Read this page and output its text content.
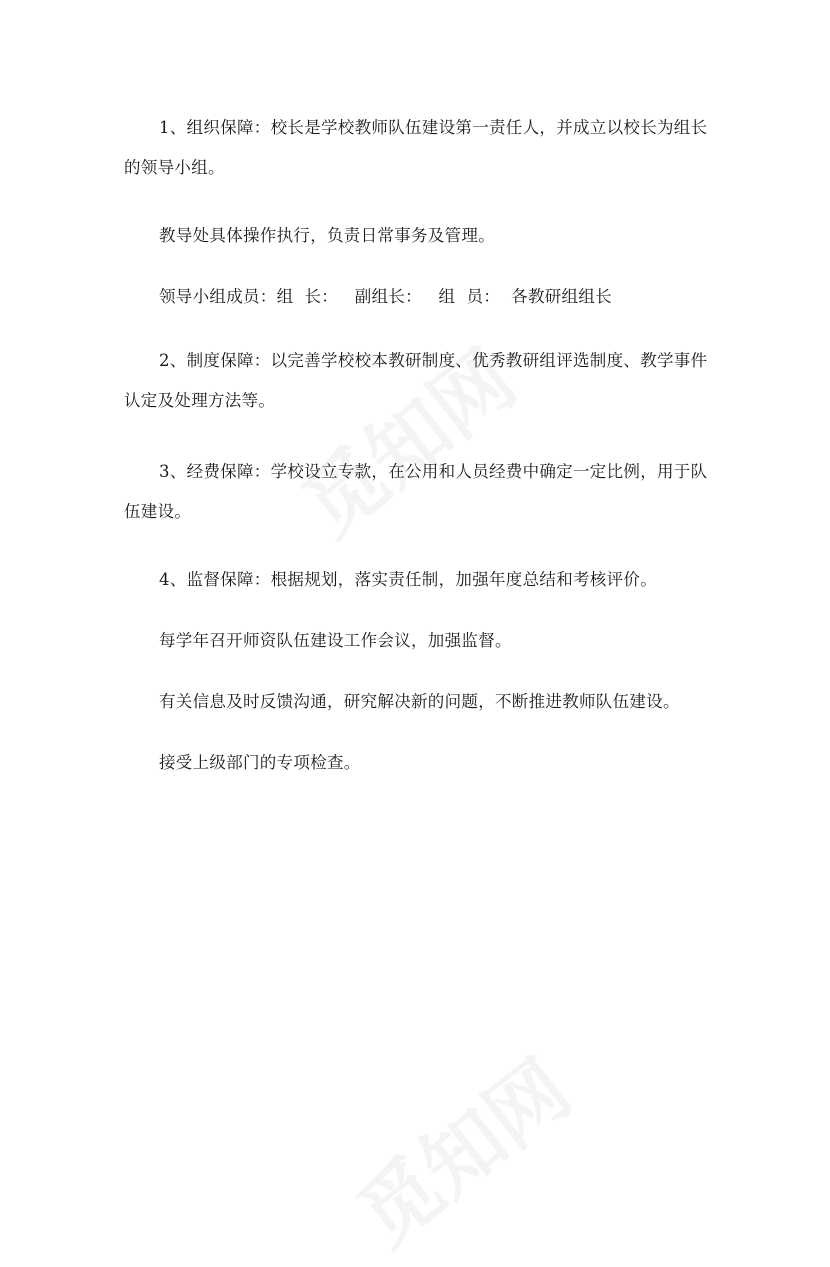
1、组织保障：校长是学校教师队伍建设第一责任人，并成立以校长为组长的领导小组。

教导处具体操作执行，负责日常事务及管理。

领导小组成员：组  长：   副组长：   组  员：  各教研组组长

2、制度保障：以完善学校校本教研制度、优秀教研组评选制度、教学事件认定及处理方法等。

3、经费保障：学校设立专款，在公用和人员经费中确定一定比例，用于队伍建设。

4、监督保障：根据规划，落实责任制，加强年度总结和考核评价。

每学年召开师资队伍建设工作会议，加强监督。

有关信息及时反馈沟通，研究解决新的问题，不断推进教师队伍建设。

接受上级部门的专项检查。
